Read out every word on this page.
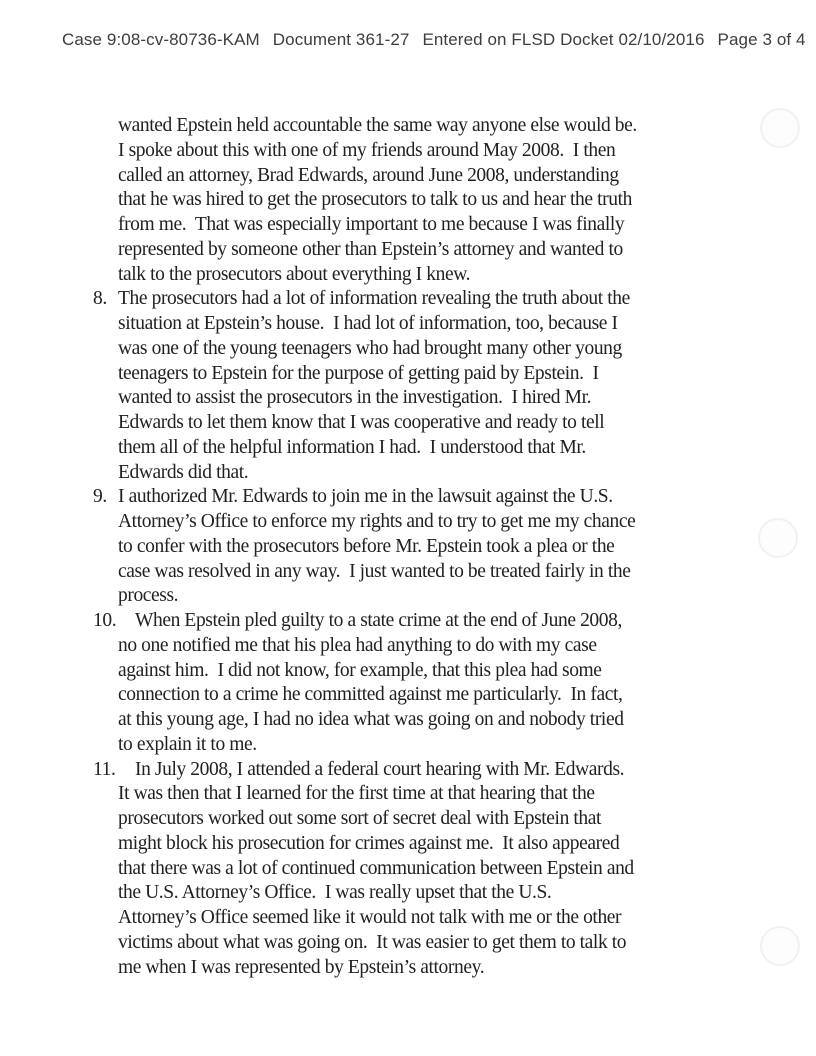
Case 9:08-cv-80736-KAM Document 361-27 Entered on FLSD Docket 02/10/2016 Page 3 of 4

wanted Epstein held accountable the same way anyone else would be.
I spoke about this with one of my friends around May 2008.  I then
called an attorney, Brad Edwards, around June 2008, understanding
that he was hired to get the prosecutors to talk to us and hear the truth
from me.  That was especially important to me because I was finally
represented by someone other than Epstein’s attorney and wanted to
talk to the prosecutors about everything I knew.

8. The prosecutors had a lot of information revealing the truth about the
situation at Epstein’s house.  I had lot of information, too, because I
was one of the young teenagers who had brought many other young
teenagers to Epstein for the purpose of getting paid by Epstein.  I
wanted to assist the prosecutors in the investigation.  I hired Mr.
Edwards to let them know that I was cooperative and ready to tell
them all of the helpful information I had.  I understood that Mr.
Edwards did that.

9. I authorized Mr. Edwards to join me in the lawsuit against the U.S.
Attorney’s Office to enforce my rights and to try to get me my chance
to confer with the prosecutors before Mr. Epstein took a plea or the
case was resolved in any way.  I just wanted to be treated fairly in the
process.

10. When Epstein pled guilty to a state crime at the end of June 2008,
no one notified me that his plea had anything to do with my case
against him.  I did not know, for example, that this plea had some
connection to a crime he committed against me particularly.  In fact,
at this young age, I had no idea what was going on and nobody tried
to explain it to me.

11.	In July 2008, I attended a federal court hearing with Mr. Edwards.
It was then that I learned for the first time at that hearing that the
prosecutors worked out some sort of secret deal with Epstein that
might block his prosecution for crimes against me.  It also appeared
that there was a lot of continued communication between Epstein and
the U.S. Attorney’s Office.  I was really upset that the U.S.
Attorney’s Office seemed like it would not talk with me or the other
victims about what was going on.  It was easier to get them to talk to
me when I was represented by Epstein’s attorney.
